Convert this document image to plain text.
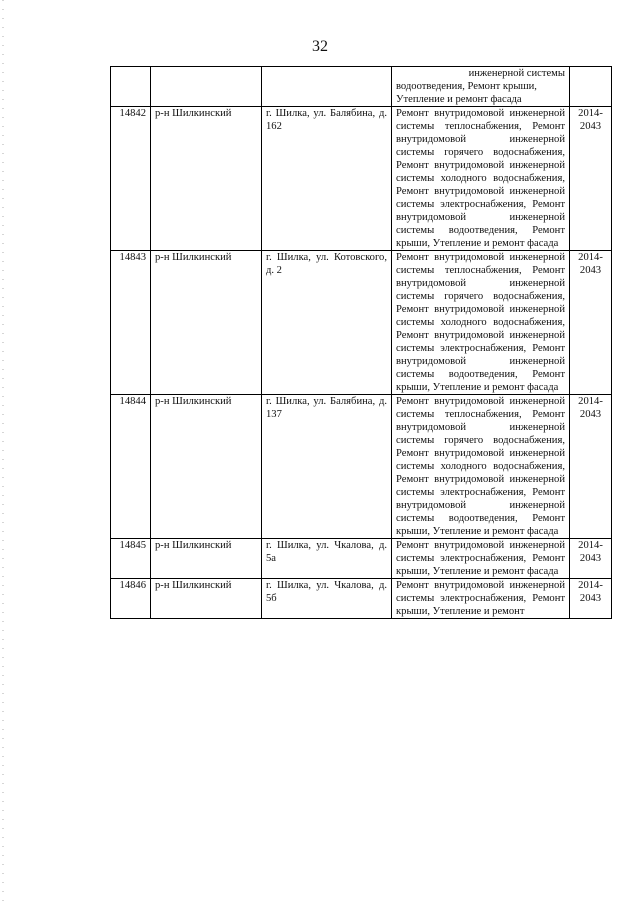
32

			инженерной системы
водоотведения, Ремонт крыши,
Утепление и ремонт фасада	

14842	р-н Шилкинский	г. Шилка, ул. Балябина, д. 162	Ремонт внутридомовой инженерной системы теплоснабжения, Ремонт внутридомовой инженерной системы горячего водоснабжения, Ремонт внутридомовой инженерной системы холодного водоснабжения, Ремонт внутридомовой инженерной системы электроснабжения, Ремонт внутридомовой инженерной системы водоотведения, Ремонт крыши, Утепление и ремонт фасада	2014-2043
14843	р-н Шилкинский	г. Шилка, ул. Котовского, д. 2	Ремонт внутридомовой инженерной системы теплоснабжения, Ремонт внутридомовой инженерной системы горячего водоснабжения, Ремонт внутридомовой инженерной системы холодного водоснабжения, Ремонт внутридомовой инженерной системы электроснабжения, Ремонт внутридомовой инженерной системы водоотведения, Ремонт крыши, Утепление и ремонт фасада	2014-2043
14844	р-н Шилкинский	г. Шилка, ул. Балябина, д. 137	Ремонт внутридомовой инженерной системы теплоснабжения, Ремонт внутридомовой инженерной системы горячего водоснабжения, Ремонт внутридомовой инженерной системы холодного водоснабжения, Ремонт внутридомовой инженерной системы электроснабжения, Ремонт внутридомовой инженерной системы водоотведения, Ремонт крыши, Утепление и ремонт фасада	2014-2043
14845	р-н Шилкинский	г. Шилка, ул. Чкалова, д. 5а	Ремонт внутридомовой инженерной системы электроснабжения, Ремонт крыши, Утепление и ремонт фасада	2014-2043
14846	р-н Шилкинский	г. Шилка, ул. Чкалова, д. 5б	Ремонт внутридомовой инженерной системы электроснабжения, Ремонт крыши, Утепление и ремонт	2014-2043
